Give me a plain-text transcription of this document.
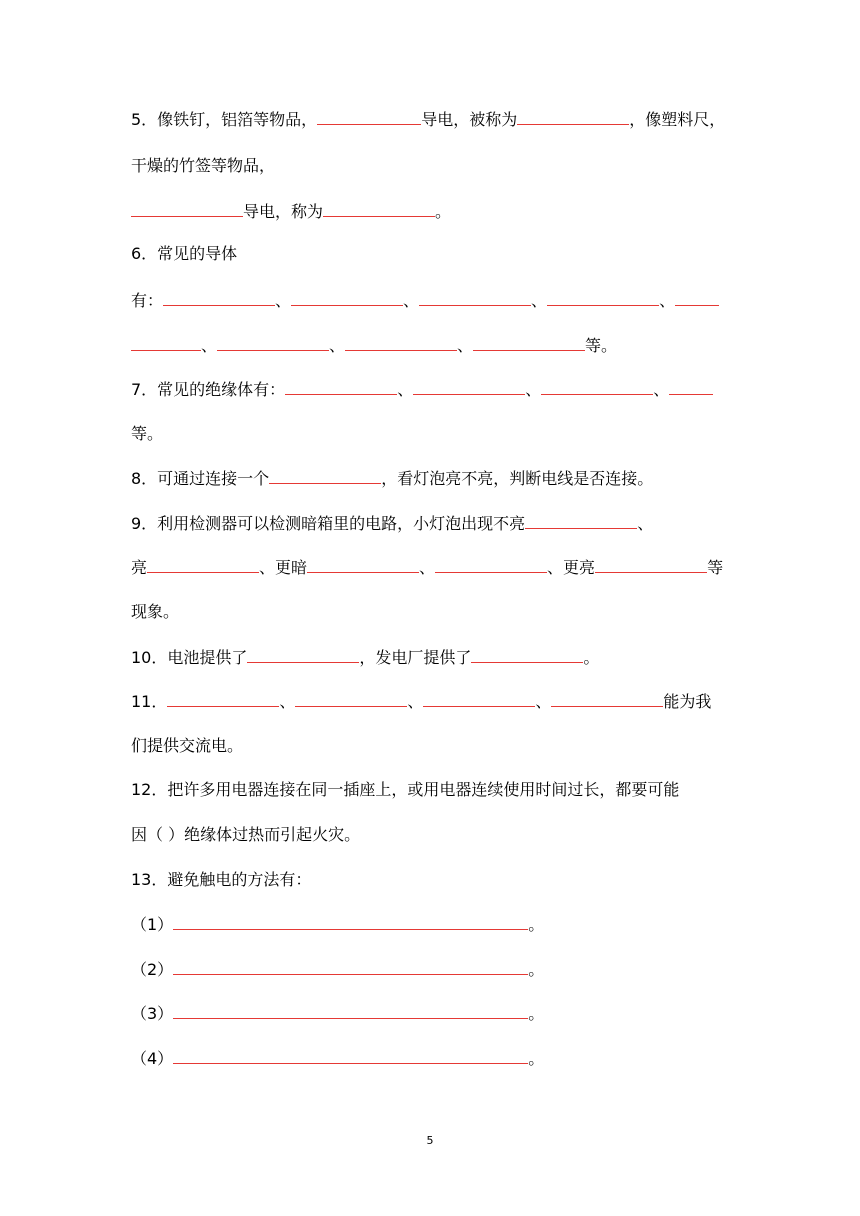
5．像铁钉，铝箔等物品，	导电，被称为	，像塑料尺，
干燥的竹签等物品，
导电，称为	。
6．常见的导体
有：	、	、	、	、
、	、	、	等。
7．常见的绝缘体有：	、	、	、
等。
8．可通过连接一个	，看灯泡亮不亮，判断电线是否连接。
9．利用检测器可以检测暗箱里的电路，小灯泡出现不亮	、
亮	、更暗	、	、更亮	等
现象。
10．电池提供了	，发电厂提供了	。
11．	、	、	、	能为我
们提供交流电。
12．把许多用电器连接在同一插座上，或用电器连续使用时间过长，都要可能
因（ ）绝缘体过热而引起火灾。
13．避免触电的方法有：
（1）	。
（2）	。
（3）	。
（4）	。
5
